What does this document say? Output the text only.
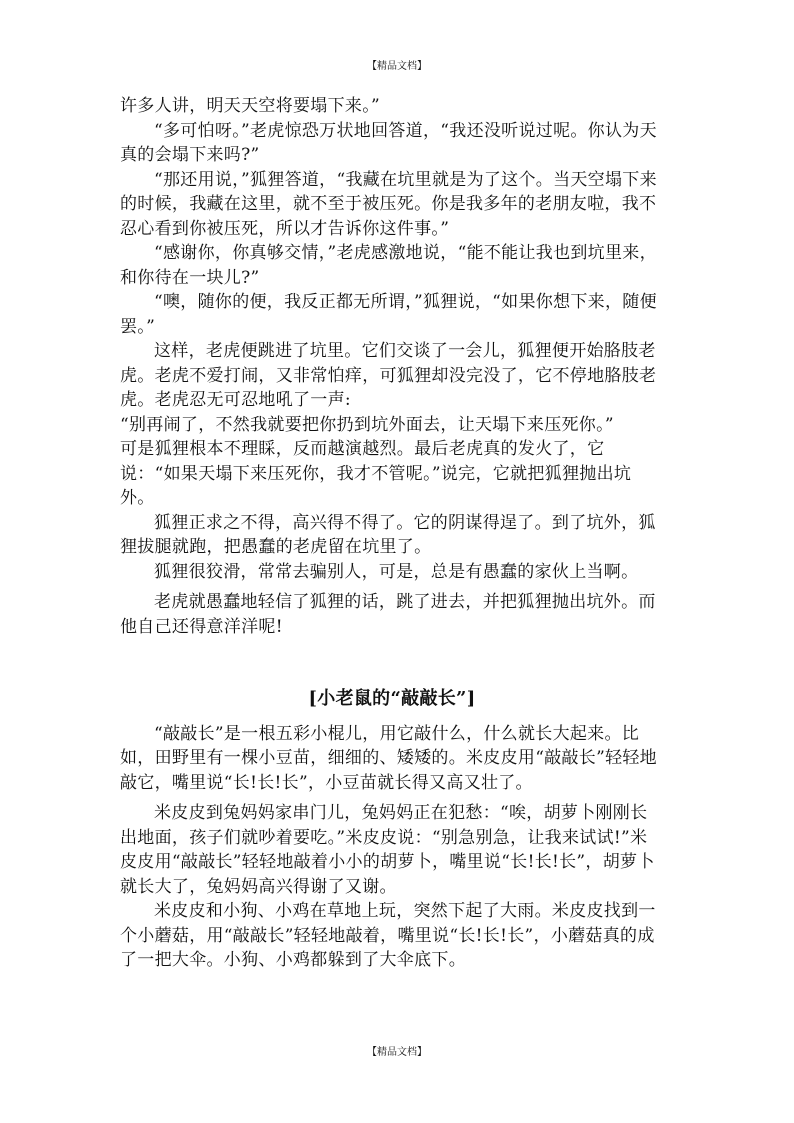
【精品文档】

许多人讲，明天天空将要塌下来。”

“多可怕呀。”老虎惊恐万状地回答道，“我还没听说过呢。你认为天真的会塌下来吗?”

“那还用说，”狐狸答道，“我藏在坑里就是为了这个。当天空塌下来的时候，我藏在这里，就不至于被压死。你是我多年的老朋友啦，我不忍心看到你被压死，所以才告诉你这件事。”

“感谢你，你真够交情，”老虎感激地说，“能不能让我也到坑里来，和你待在一块儿?”

“噢，随你的便，我反正都无所谓，”狐狸说，“如果你想下来，随便罢。”

这样，老虎便跳进了坑里。它们交谈了一会儿，狐狸便开始胳肢老虎。老虎不爱打闹，又非常怕痒，可狐狸却没完没了，它不停地胳肢老虎。老虎忍无可忍地吼了一声:

“别再闹了，不然我就要把你扔到坑外面去，让天塌下来压死你。”

可是狐狸根本不理睬，反而越演越烈。最后老虎真的发火了，它说：“如果天塌下来压死你，我才不管呢。”说完，它就把狐狸抛出坑外。

狐狸正求之不得，高兴得不得了。它的阴谋得逞了。到了坑外，狐狸拔腿就跑，把愚蠢的老虎留在坑里了。

狐狸很狡滑，常常去骗别人，可是，总是有愚蠢的家伙上当啊。

老虎就愚蠢地轻信了狐狸的话，跳了进去，并把狐狸抛出坑外。而他自己还得意洋洋呢!

[小老鼠的“敲敲长”]

“敲敲长”是一根五彩小棍儿，用它敲什么，什么就长大起来。比如，田野里有一棵小豆苗，细细的、矮矮的。米皮皮用“敲敲长”轻轻地敲它，嘴里说“长!长!长”，小豆苗就长得又高又壮了。

米皮皮到兔妈妈家串门儿，兔妈妈正在犯愁：“唉，胡萝卜刚刚长出地面，孩子们就吵着要吃。”米皮皮说：“别急别急，让我来试试!”米皮皮用“敲敲长”轻轻地敲着小小的胡萝卜，嘴里说“长!长!长”，胡萝卜就长大了，兔妈妈高兴得谢了又谢。

米皮皮和小狗、小鸡在草地上玩，突然下起了大雨。米皮皮找到一个小蘑菇，用“敲敲长”轻轻地敲着，嘴里说“长!长!长”，小蘑菇真的成了一把大伞。小狗、小鸡都躲到了大伞底下。

【精品文档】
